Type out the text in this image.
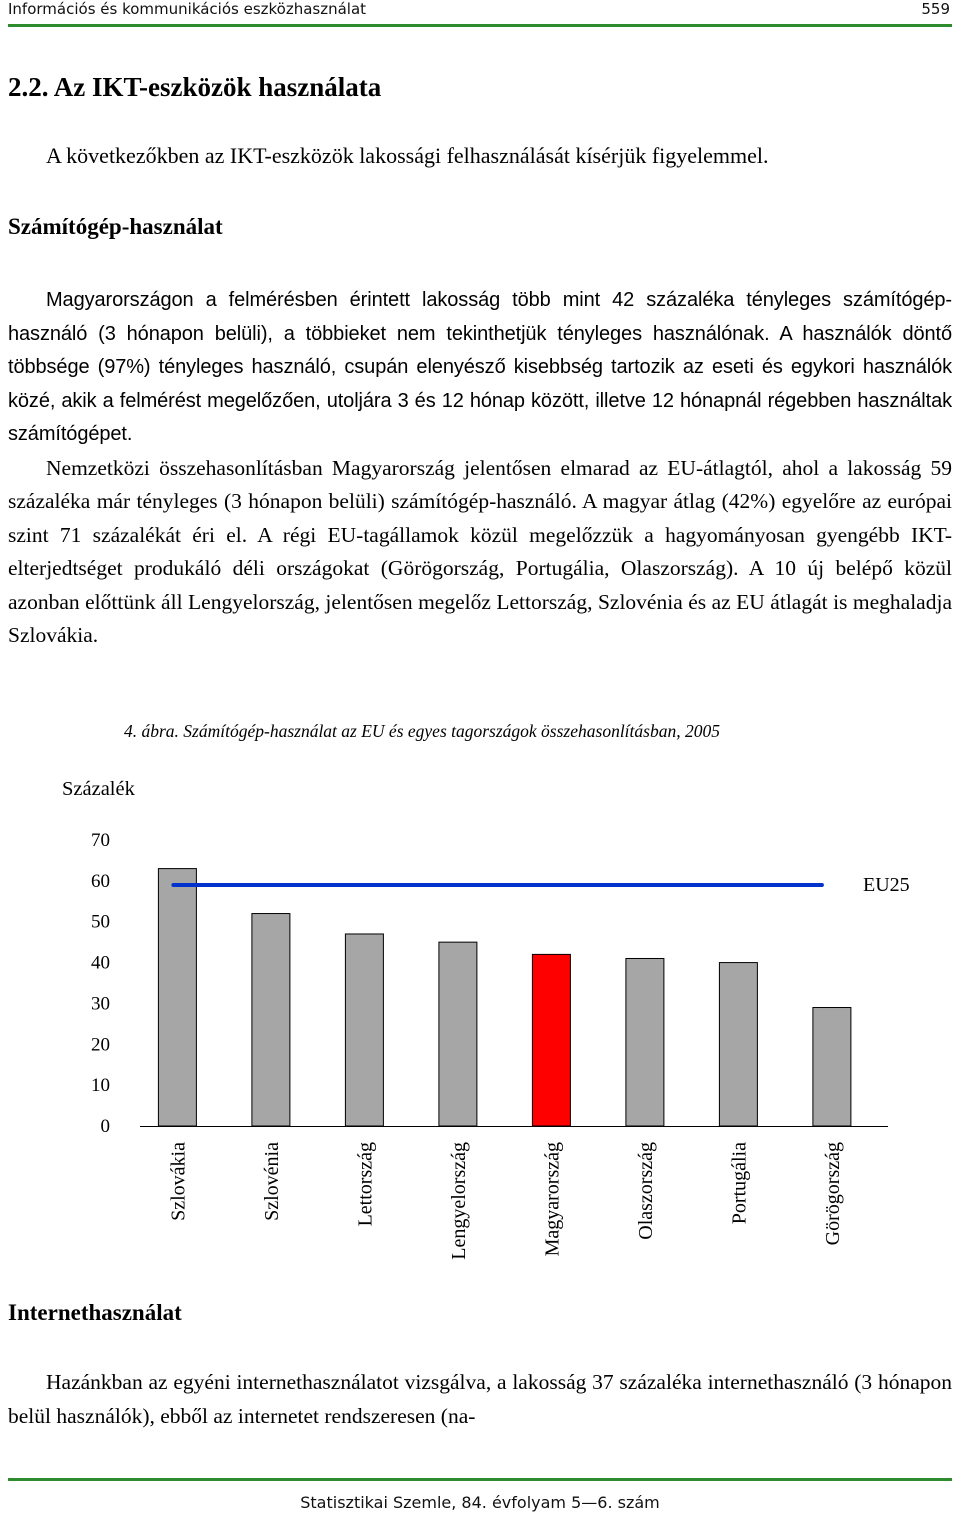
Információs és kommunikációs eszközhasználat	559
2.2. Az IKT-eszközök használata
A következőkben az IKT-eszközök lakossági felhasználását kísérjük figyelemmel.
Számítógép-használat

Magyarországon a felmérésben érintett lakosság több mint 42 százaléka tényleges számítógép-használó (3 hónapon belüli), a többieket nem tekinthetjük tényleges használónak. A használók döntő többsége (97%) tényleges használó, csupán elenyésző kisebbség tartozik az eseti és egykori használók közé, akik a felmérést megelőzően, utoljára 3 és 12 hónap között, illetve 12 hónapnál régebben használtak számítógépet.

Nemzetközi összehasonlításban Magyarország jelentősen elmarad az EU-átlagtól, ahol a lakosság 59 százaléka már tényleges (3 hónapon belüli) számítógép-használó. A magyar átlag (42%) egyelőre az európai szint 71 százalékát éri el. A régi EU-tagállamok közül megelőzzük a hagyományosan gyengébb IKT-elterjedtséget produkáló déli országokat (Görögország, Portugália, Olaszország). A 10 új belépő közül azonban előttünk áll Lengyelország, jelentősen megelőz Lettország, Szlovénia és az EU átlagát is meghaladja Szlovákia.

4. ábra. Számítógép-használat az EU és egyes tagországok összehasonlításban, 2005
Százalék
0
10
20
30
40
50
60
70
Szlovákia	Szlovénia	Lettország	Lengyelország	Magyarország	Olaszország	Portugália	Görögország
EU25
Internethasználat

Hazánkban az egyéni internethasználatot vizsgálva, a lakosság 37 százaléka internethasználó (3 hónapon belül használók), ebből az internetet rendszeresen (na-

Statisztikai Szemle, 84. évfolyam 5—6. szám
